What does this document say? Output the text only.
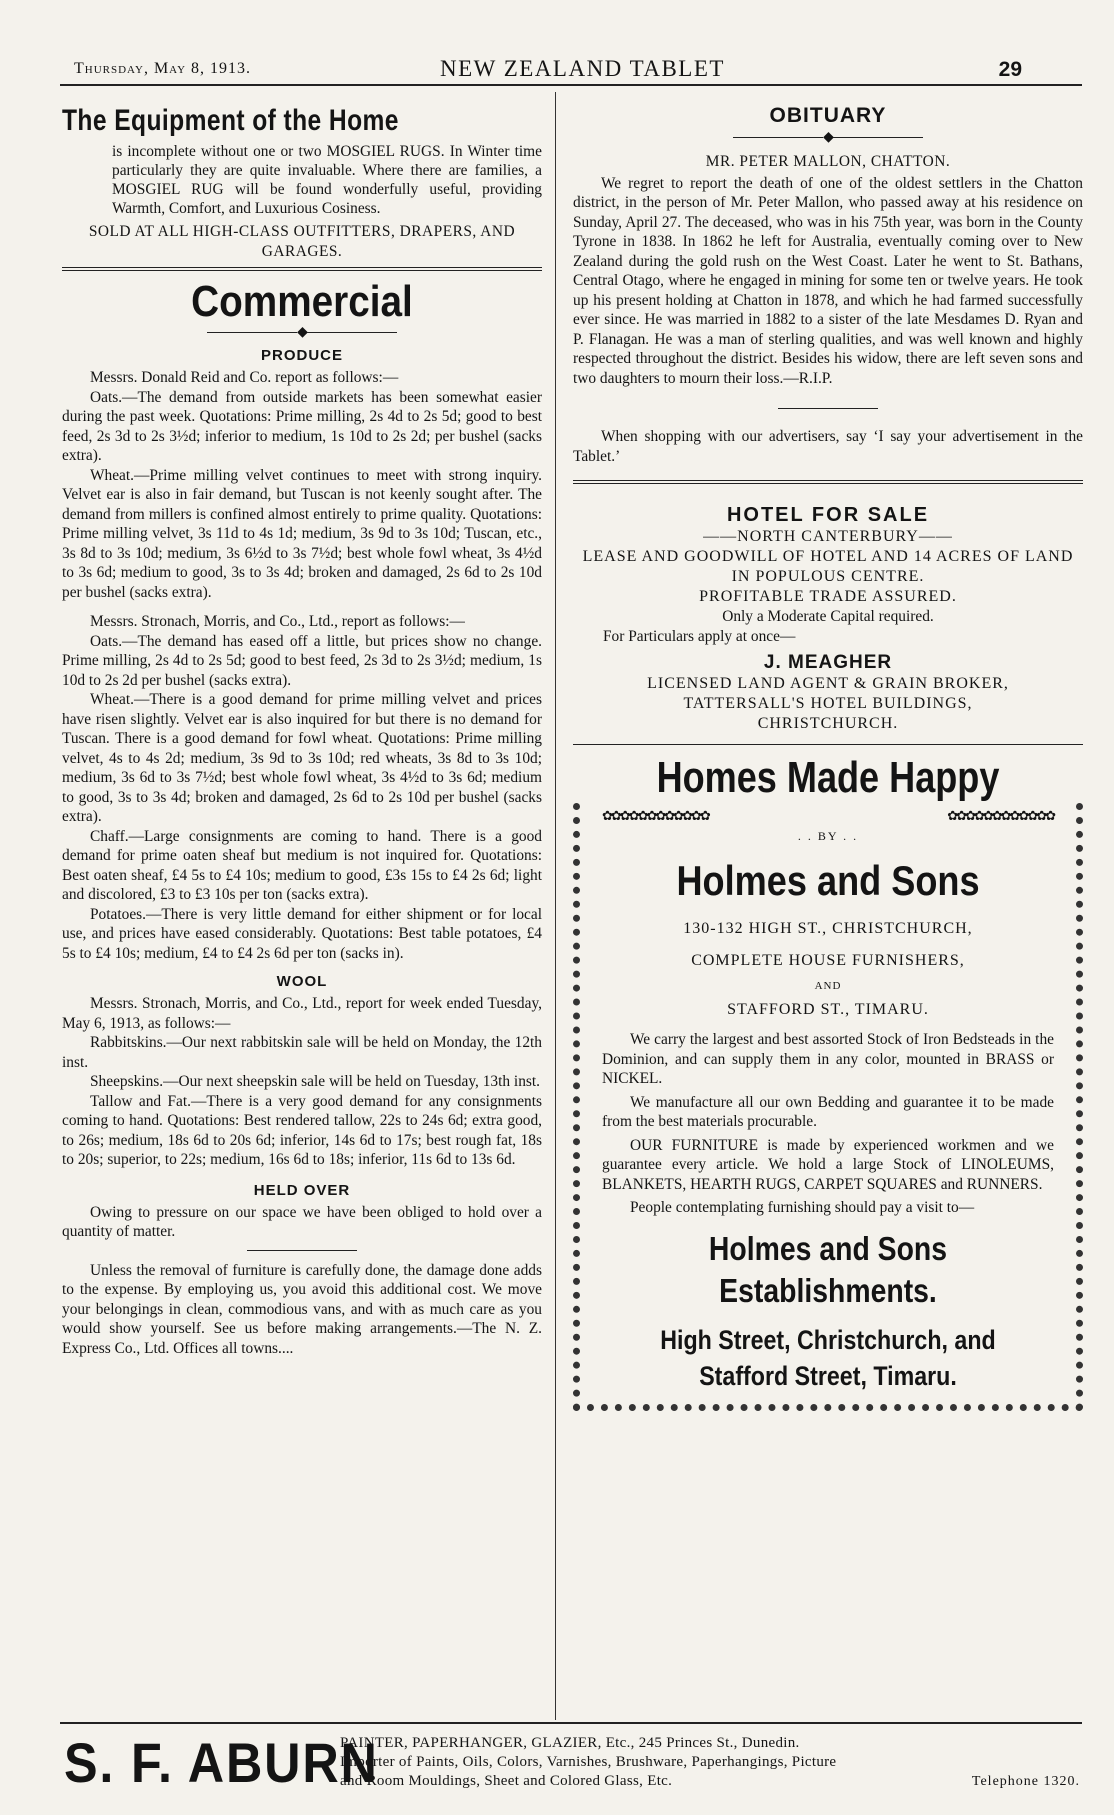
Thursday, May 8, 1913.	NEW ZEALAND TABLET	29
The Equipment of the Home

is incomplete without one or two MOSGIEL RUGS. In Winter time particularly they are quite invaluable. Where there are families, a MOSGIEL RUG will be found wonderfully useful, providing Warmth, Comfort, and Luxurious Cosiness.

SOLD AT ALL HIGH-CLASS OUTFITTERS, DRAPERS, AND GARAGES.

Commercial
◆
PRODUCE

Messrs. Donald Reid and Co. report as follows:—

Oats.—The demand from outside markets has been somewhat easier during the past week. Quotations: Prime milling, 2s 4d to 2s 5d; good to best feed, 2s 3d to 2s 3½d; inferior to medium, 1s 10d to 2s 2d; per bushel (sacks extra).

Wheat.—Prime milling velvet continues to meet with strong inquiry. Velvet ear is also in fair demand, but Tuscan is not keenly sought after. The demand from millers is confined almost entirely to prime quality. Quotations: Prime milling velvet, 3s 11d to 4s 1d; medium, 3s 9d to 3s 10d; Tuscan, etc., 3s 8d to 3s 10d; medium, 3s 6½d to 3s 7½d; best whole fowl wheat, 3s 4½d to 3s 6d; medium to good, 3s to 3s 4d; broken and damaged, 2s 6d to 2s 10d per bushel (sacks extra).

Messrs. Stronach, Morris, and Co., Ltd., report as follows:—

Oats.—The demand has eased off a little, but prices show no change. Prime milling, 2s 4d to 2s 5d; good to best feed, 2s 3d to 2s 3½d; medium, 1s 10d to 2s 2d per bushel (sacks extra).

Wheat.—There is a good demand for prime milling velvet and prices have risen slightly. Velvet ear is also inquired for but there is no demand for Tuscan. There is a good demand for fowl wheat. Quotations: Prime milling velvet, 4s to 4s 2d; medium, 3s 9d to 3s 10d; red wheats, 3s 8d to 3s 10d; medium, 3s 6d to 3s 7½d; best whole fowl wheat, 3s 4½d to 3s 6d; medium to good, 3s to 3s 4d; broken and damaged, 2s 6d to 2s 10d per bushel (sacks extra).

Chaff.—Large consignments are coming to hand. There is a good demand for prime oaten sheaf but medium is not inquired for. Quotations: Best oaten sheaf, £4 5s to £4 10s; medium to good, £3s 15s to £4 2s 6d; light and discolored, £3 to £3 10s per ton (sacks extra).

Potatoes.—There is very little demand for either shipment or for local use, and prices have eased considerably. Quotations: Best table potatoes, £4 5s to £4 10s; medium, £4 to £4 2s 6d per ton (sacks in).

WOOL

Messrs. Stronach, Morris, and Co., Ltd., report for week ended Tuesday, May 6, 1913, as follows:—

Rabbitskins.—Our next rabbitskin sale will be held on Monday, the 12th inst.

Sheepskins.—Our next sheepskin sale will be held on Tuesday, 13th inst.

Tallow and Fat.—There is a very good demand for any consignments coming to hand. Quotations: Best rendered tallow, 22s to 24s 6d; extra good, to 26s; medium, 18s 6d to 20s 6d; inferior, 14s 6d to 17s; best rough fat, 18s to 20s; superior, to 22s; medium, 16s 6d to 18s; inferior, 11s 6d to 13s 6d.

HELD OVER

Owing to pressure on our space we have been obliged to hold over a quantity of matter.

Unless the removal of furniture is carefully done, the damage done adds to the expense. By employing us, you avoid this additional cost. We move your belongings in clean, commodious vans, and with as much care as you would show yourself. See us before making arrangements.—The N. Z. Express Co., Ltd. Offices all towns....

OBITUARY
◆

MR. PETER MALLON, CHATTON.

We regret to report the death of one of the oldest settlers in the Chatton district, in the person of Mr. Peter Mallon, who passed away at his residence on Sunday, April 27. The deceased, who was in his 75th year, was born in the County Tyrone in 1838. In 1862 he left for Australia, eventually coming over to New Zealand during the gold rush on the West Coast. Later he went to St. Bathans, Central Otago, where he engaged in mining for some ten or twelve years. He took up his present holding at Chatton in 1878, and which he had farmed successfully ever since. He was married in 1882 to a sister of the late Mesdames D. Ryan and P. Flanagan. He was a man of sterling qualities, and was well known and highly respected throughout the district. Besides his widow, there are left seven sons and two daughters to mourn their loss.—R.I.P.

When shopping with our advertisers, say ‘I say your advertisement in the Tablet.’

HOTEL FOR SALE

——NORTH CANTERBURY——

LEASE AND GOODWILL OF HOTEL AND 14 ACRES OF LAND IN POPULOUS CENTRE.

PROFITABLE TRADE ASSURED.

Only a Moderate Capital required.

For Particulars apply at once—

J. MEAGHER

LICENSED LAND AGENT & GRAIN BROKER,

TATTERSALL'S HOTEL BUILDINGS,

CHRISTCHURCH.

Homes Made Happy
✿✿✿✿✿✿✿✿✿✿✿✿	✿✿✿✿✿✿✿✿✿✿✿✿

. . BY . .

Holmes and Sons

130-132 HIGH ST., CHRISTCHURCH,

COMPLETE HOUSE FURNISHERS,

AND

STAFFORD ST., TIMARU.

We carry the largest and best assorted Stock of Iron Bedsteads in the Dominion, and can supply them in any color, mounted in BRASS or NICKEL.

We manufacture all our own Bedding and guarantee it to be made from the best materials procurable.

OUR FURNITURE is made by experienced workmen and we guarantee every article. We hold a large Stock of LINOLEUMS, BLANKETS, HEARTH RUGS, CARPET SQUARES and RUNNERS.

People contemplating furnishing should pay a visit to—

Holmes and Sons
Establishments.
High Street, Christchurch, and
Stafford Street, Timaru.
S. F. ABURN
PAINTER, PAPERHANGER, GLAZIER, Etc., 245 Princes St., Dunedin.
Importer of Paints, Oils, Colors, Varnishes, Brushware, Paperhangings, Picture
and Room Mouldings, Sheet and Colored Glass, Etc.	Telephone 1320.
